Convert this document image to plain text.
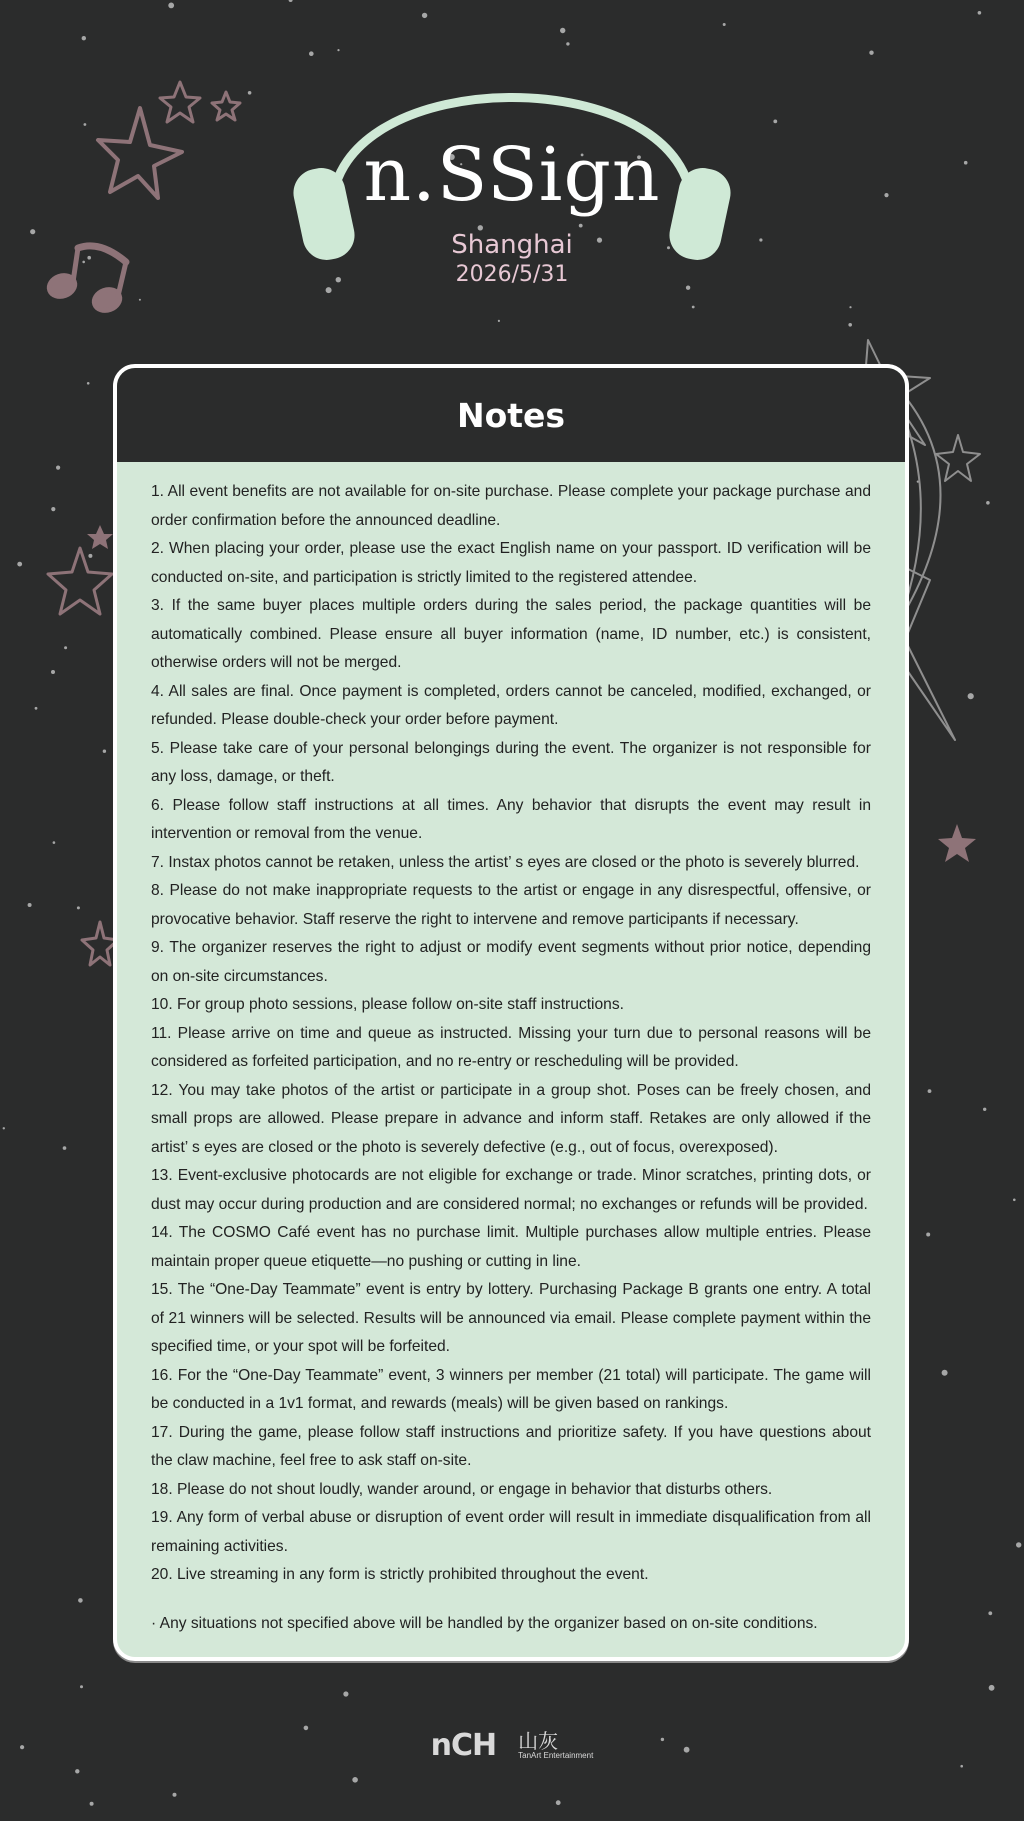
n.SSign
Shanghai
2026/5/31
Notes
1. All event benefits are not available for on-site purchase. Please complete your package purchase and order confirmation before the announced deadline.
2. When placing your order, please use the exact English name on your passport. ID verification will be conducted on-site, and participation is strictly limited to the registered attendee.
3. If the same buyer places multiple orders during the sales period, the package quantities will be automatically combined. Please ensure all buyer information (name, ID number, etc.) is consistent, otherwise orders will not be merged.
4. All sales are final. Once payment is completed, orders cannot be canceled, modified, exchanged, or refunded. Please double-check your order before payment.
5. Please take care of your personal belongings during the event. The organizer is not responsible for any loss, damage, or theft.
6. Please follow staff instructions at all times. Any behavior that disrupts the event may result in intervention or removal from the venue.
7. Instax photos cannot be retaken, unless the artist’ s eyes are closed or the photo is severely blurred.
8. Please do not make inappropriate requests to the artist or engage in any disrespectful, offensive, or provocative behavior. Staff reserve the right to intervene and remove participants if necessary.
9. The organizer reserves the right to adjust or modify event segments without prior notice, depending on on-site circumstances.
10. For group photo sessions, please follow on-site staff instructions.
11. Please arrive on time and queue as instructed. Missing your turn due to personal reasons will be considered as forfeited participation, and no re-entry or rescheduling will be provided.
12. You may take photos of the artist or participate in a group shot. Poses can be freely chosen, and small props are allowed. Please prepare in advance and inform staff. Retakes are only allowed if the artist’ s eyes are closed or the photo is severely defective (e.g., out of focus, overexposed).
13. Event-exclusive photocards are not eligible for exchange or trade. Minor scratches, printing dots, or dust may occur during production and are considered normal; no exchanges or refunds will be provided.
14. The COSMO Café event has no purchase limit. Multiple purchases allow multiple entries. Please maintain proper queue etiquette—no pushing or cutting in line.
15. The “One-Day Teammate” event is entry by lottery. Purchasing Package B grants one entry. A total of 21 winners will be selected. Results will be announced via email. Please complete payment within the specified time, or your spot will be forfeited.
16. For the “One-Day Teammate” event, 3 winners per member (21 total) will participate. The game will be conducted in a 1v1 format, and rewards (meals) will be given based on rankings.
17. During the game, please follow staff instructions and prioritize safety. If you have questions about the claw machine, feel free to ask staff on-site.
18. Please do not shout loudly, wander around, or engage in behavior that disturbs others.
19. Any form of verbal abuse or disruption of event order will result in immediate disqualification from all remaining activities.
20. Live streaming in any form is strictly prohibited throughout the event.
· Any situations not specified above will be handled by the organizer based on on-site conditions.
nCH 山灰
TanArt Entertainment
